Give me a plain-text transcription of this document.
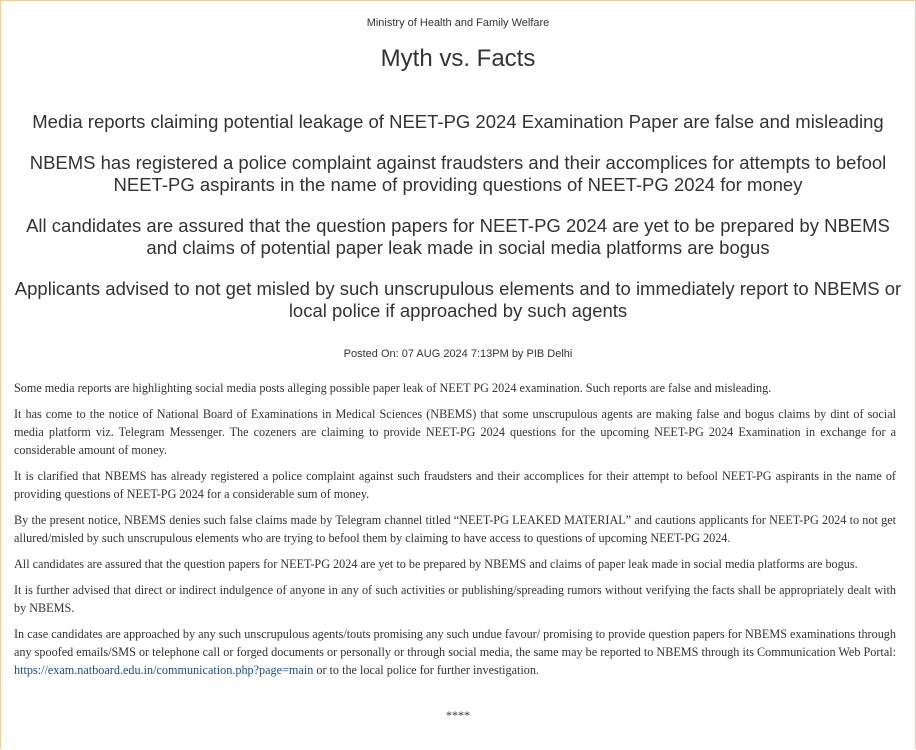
Ministry of Health and Family Welfare
Myth vs. Facts
Media reports claiming potential leakage of NEET-PG 2024 Examination Paper are false and misleading
NBEMS has registered a police complaint against fraudsters and their accomplices for attempts to befool NEET-PG aspirants in the name of providing questions of NEET-PG 2024 for money
All candidates are assured that the question papers for NEET-PG 2024 are yet to be prepared by NBEMS and claims of potential paper leak made in social media platforms are bogus
Applicants advised to not get misled by such unscrupulous elements and to immediately report to NBEMS or local police if approached by such agents
Posted On: 07 AUG 2024 7:13PM by PIB Delhi

Some media reports are highlighting social media posts alleging possible paper leak of NEET PG 2024 examination. Such reports are false and misleading.

It has come to the notice of National Board of Examinations in Medical Sciences (NBEMS) that some unscrupulous agents are making false and bogus claims by dint of social media platform viz. Telegram Messenger. The cozeners are claiming to provide NEET-PG 2024 questions for the upcoming NEET-PG 2024 Examination in exchange for a considerable amount of money.

It is clarified that NBEMS has already registered a police complaint against such fraudsters and their accomplices for their attempt to befool NEET-PG aspirants in the name of providing questions of NEET-PG 2024 for a considerable sum of money.

By the present notice, NBEMS denies such false claims made by Telegram channel titled “NEET-PG LEAKED MATERIAL” and cautions applicants for NEET-PG 2024 to not get allured/misled by such unscrupulous elements who are trying to befool them by claiming to have access to questions of upcoming NEET-PG 2024.

All candidates are assured that the question papers for NEET-PG 2024 are yet to be prepared by NBEMS and claims of paper leak made in social media platforms are bogus.

It is further advised that direct or indirect indulgence of anyone in any of such activities or publishing/spreading rumors without verifying the facts shall be appropriately dealt with by NBEMS.

In case candidates are approached by any such unscrupulous agents/touts promising any such undue favour/ promising to provide question papers for NBEMS examinations through any spoofed emails/SMS or telephone call or forged documents or personally or through social media, the same may be reported to NBEMS through its Communication Web Portal: https://exam.natboard.edu.in/communication.php?page=main or to the local police for further investigation.

****
